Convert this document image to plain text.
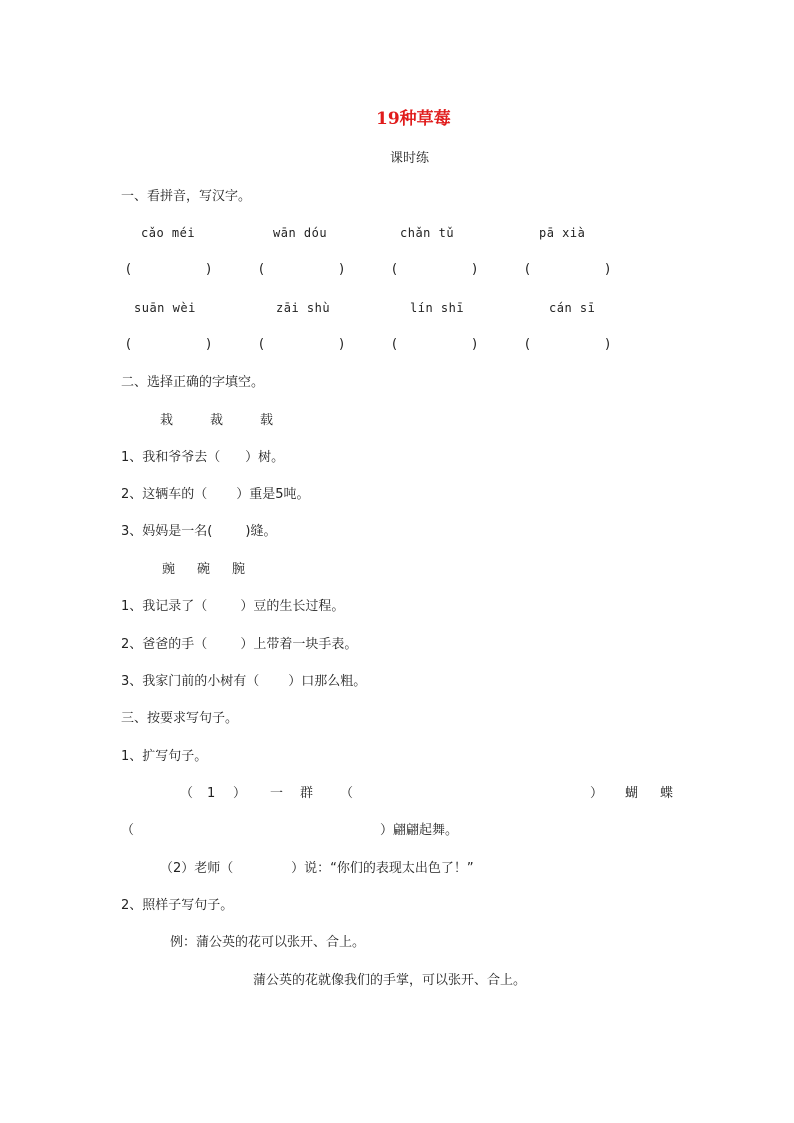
19种草莓
课时练
一、看拼音，写汉字。
cǎo méi	wān dóu	chǎn tǔ	pā xià
(	)	(	)	(	)	(	)
suān wèi	zāi shù	lín shī	cán sī
(	)	(	)	(	)	(	)
二、选择正确的字填空。
栽	裁	载
1、我和爷爷去（      ）树。
2、这辆车的（       ）重是5吨。
3、妈妈是一名(        )缝。
豌 碗 腕
1、我记录了（        ）豆的生长过程。
2、爸爸的手（        ）上带着一块手表。
3、我家门前的小树有（       ）口那么粗。
三、按要求写句子。
1、扩写句子。
（ 1 ） 一 群 （	） 蝴 蝶
（	）翩翩起舞。
（2）老师（              ）说：“你们的表现太出色了！”
2、照样子写句子。
例：蒲公英的花可以张开、合上。
蒲公英的花就像我们的手掌，可以张开、合上。
